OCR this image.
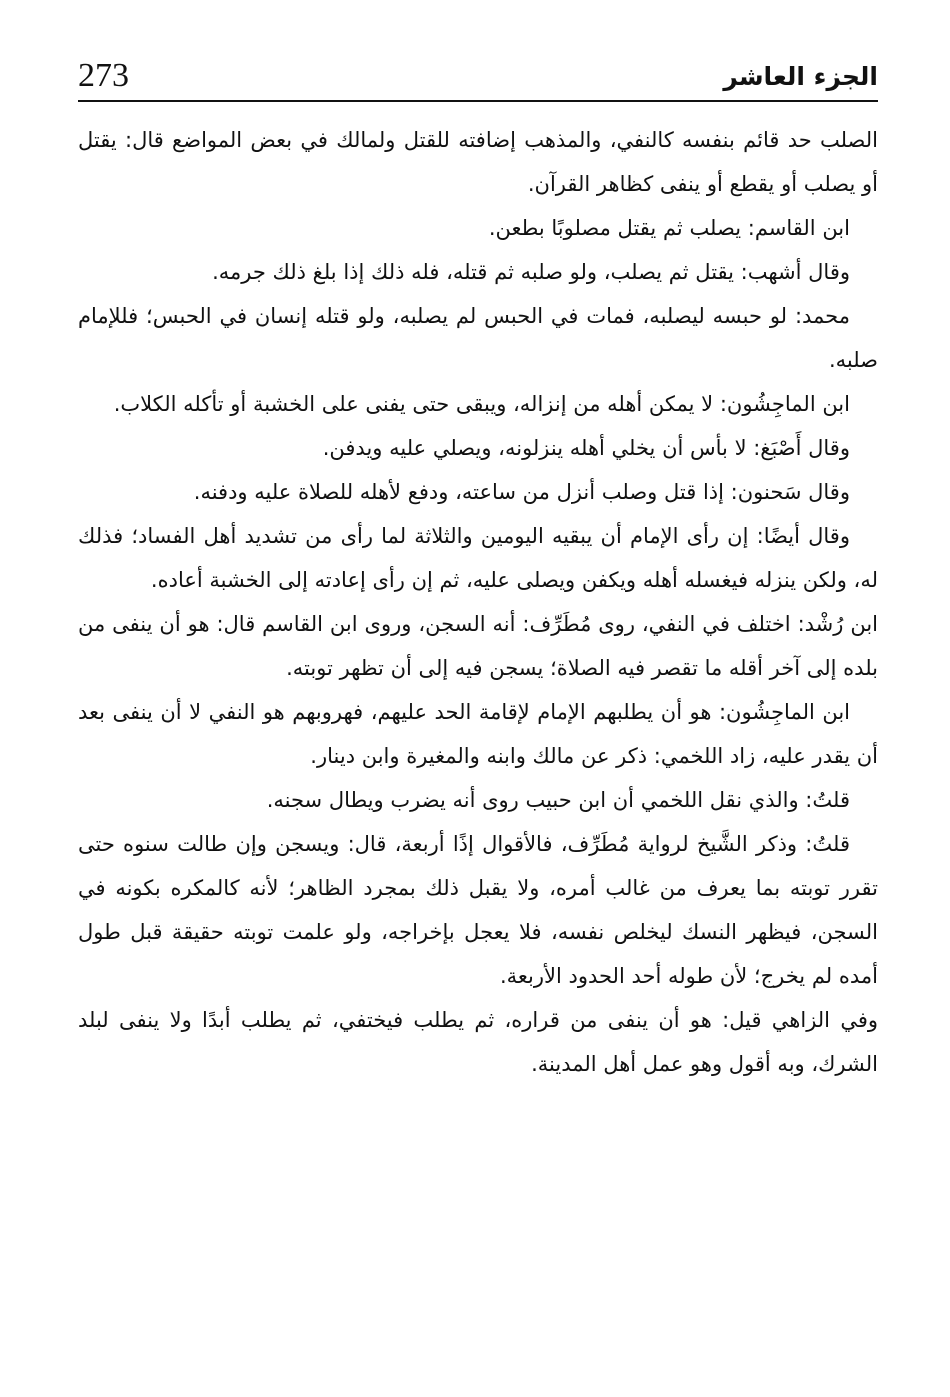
273	الجزء العاشر

الصلب حد قائم بنفسه كالنفي، والمذهب إضافته للقتل ولمالك في بعض المواضع قال: يقتل أو يصلب أو يقطع أو ينفى كظاهر القرآن.

ابن القاسم: يصلب ثم يقتل مصلوبًا بطعن.

وقال أشهب: يقتل ثم يصلب، ولو صلبه ثم قتله، فله ذلك إذا بلغ ذلك جرمه.

محمد: لو حبسه ليصلبه، فمات في الحبس لم يصلبه، ولو قتله إنسان في الحبس؛ فللإمام صلبه.

ابن الماجِشُون: لا يمكن أهله من إنزاله، ويبقى حتى يفنى على الخشبة أو تأكله الكلاب.

وقال أَصْبَغ: لا بأس أن يخلي أهله ينزلونه، ويصلي عليه ويدفن.

وقال سَحنون: إذا قتل وصلب أنزل من ساعته، ودفع لأهله للصلاة عليه ودفنه.

وقال أيضًا: إن رأى الإمام أن يبقيه اليومين والثلاثة لما رأى من تشديد أهل الفساد؛ فذلك له، ولكن ينزله فيغسله أهله ويكفن ويصلى عليه، ثم إن رأى إعادته إلى الخشبة أعاده.

ابن رُشْد: اختلف في النفي، روى مُطَرِّف: أنه السجن، وروى ابن القاسم قال: هو أن ينفى من بلده إلى آخر أقله ما تقصر فيه الصلاة؛ يسجن فيه إلى أن تظهر توبته.

ابن الماجِشُون: هو أن يطلبهم الإمام لإقامة الحد عليهم، فهروبهم هو النفي لا أن ينفى بعد أن يقدر عليه، زاد اللخمي: ذكر عن مالك وابنه والمغيرة وابن دينار.

قلتُ: والذي نقل اللخمي أن ابن حبيب روى أنه يضرب ويطال سجنه.

قلتُ: وذكر الشَّيخ لرواية مُطَرِّف، فالأقوال إذًا أربعة، قال: ويسجن وإن طالت سنوه حتى تقرر توبته بما يعرف من غالب أمره، ولا يقبل ذلك بمجرد الظاهر؛ لأنه كالمكره بكونه في السجن، فيظهر النسك ليخلص نفسه، فلا يعجل بإخراجه، ولو علمت توبته حقيقة قبل طول أمده لم يخرج؛ لأن طوله أحد الحدود الأربعة.

وفي الزاهي قيل: هو أن ينفى من قراره، ثم يطلب فيختفي، ثم يطلب أبدًا ولا ينفى لبلد الشرك، وبه أقول وهو عمل أهل المدينة.
